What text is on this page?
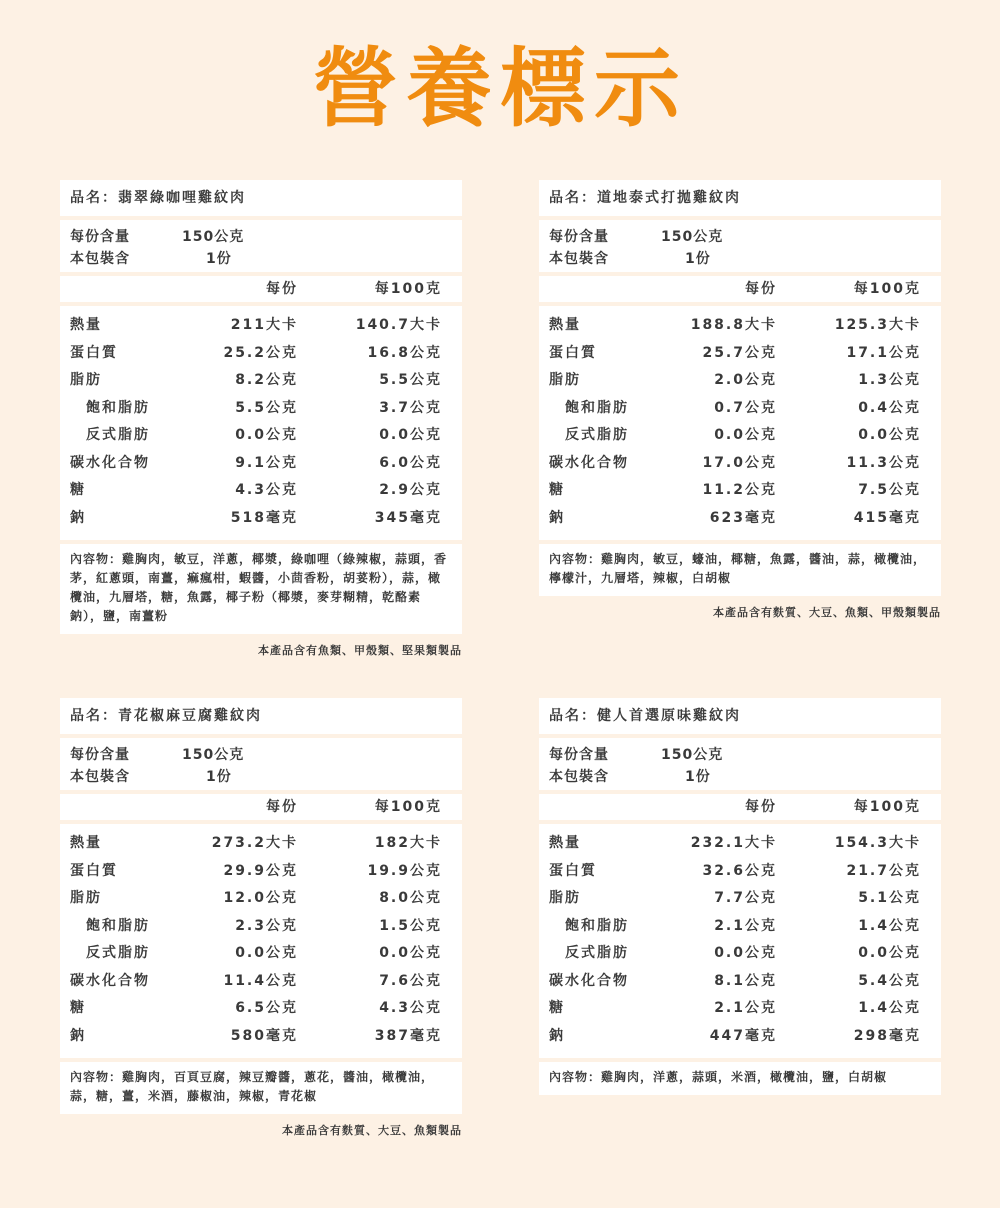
營養標示
品名：翡翠綠咖哩雞紋肉
每份含量	150公克
本包裝含	1份
每份	每100克
熱量	211大卡	140.7大卡
蛋白質	25.2公克	16.8公克
脂肪	8.2公克	5.5公克
飽和脂肪	5.5公克	3.7公克
反式脂肪	0.0公克	0.0公克
碳水化合物	9.1公克	6.0公克
糖	4.3公克	2.9公克
鈉	518毫克	345毫克
內容物：雞胸肉，敏豆，洋蔥，椰漿，綠咖哩（綠辣椒，蒜頭，香茅，紅蔥頭，南薑，痲瘋柑，蝦醬，小茴香粉，胡荽粉），蒜，橄欖油，九層塔，糖，魚露，椰子粉（椰漿，麥芽糊精，乾酪素鈉），鹽，南薑粉
本產品含有魚類、甲殼類、堅果類製品
品名：道地泰式打拋雞紋肉
每份含量	150公克
本包裝含	1份
每份	每100克
熱量	188.8大卡	125.3大卡
蛋白質	25.7公克	17.1公克
脂肪	2.0公克	1.3公克
飽和脂肪	0.7公克	0.4公克
反式脂肪	0.0公克	0.0公克
碳水化合物	17.0公克	11.3公克
糖	11.2公克	7.5公克
鈉	623毫克	415毫克
內容物：雞胸肉，敏豆，蠔油，椰糖，魚露，醬油，蒜，橄欖油，檸檬汁，九層塔，辣椒，白胡椒
本產品含有麩質、大豆、魚類、甲殼類製品
品名：青花椒麻豆腐雞紋肉
每份含量	150公克
本包裝含	1份
每份	每100克
熱量	273.2大卡	182大卡
蛋白質	29.9公克	19.9公克
脂肪	12.0公克	8.0公克
飽和脂肪	2.3公克	1.5公克
反式脂肪	0.0公克	0.0公克
碳水化合物	11.4公克	7.6公克
糖	6.5公克	4.3公克
鈉	580毫克	387毫克
內容物：雞胸肉，百頁豆腐，辣豆瓣醬，蔥花，醬油，橄欖油，蒜，糖，薑，米酒，藤椒油，辣椒，青花椒
本產品含有麩質、大豆、魚類製品
品名：健人首選原味雞紋肉
每份含量	150公克
本包裝含	1份
每份	每100克
熱量	232.1大卡	154.3大卡
蛋白質	32.6公克	21.7公克
脂肪	7.7公克	5.1公克
飽和脂肪	2.1公克	1.4公克
反式脂肪	0.0公克	0.0公克
碳水化合物	8.1公克	5.4公克
糖	2.1公克	1.4公克
鈉	447毫克	298毫克
內容物：雞胸肉，洋蔥，蒜頭，米酒，橄欖油，鹽，白胡椒
